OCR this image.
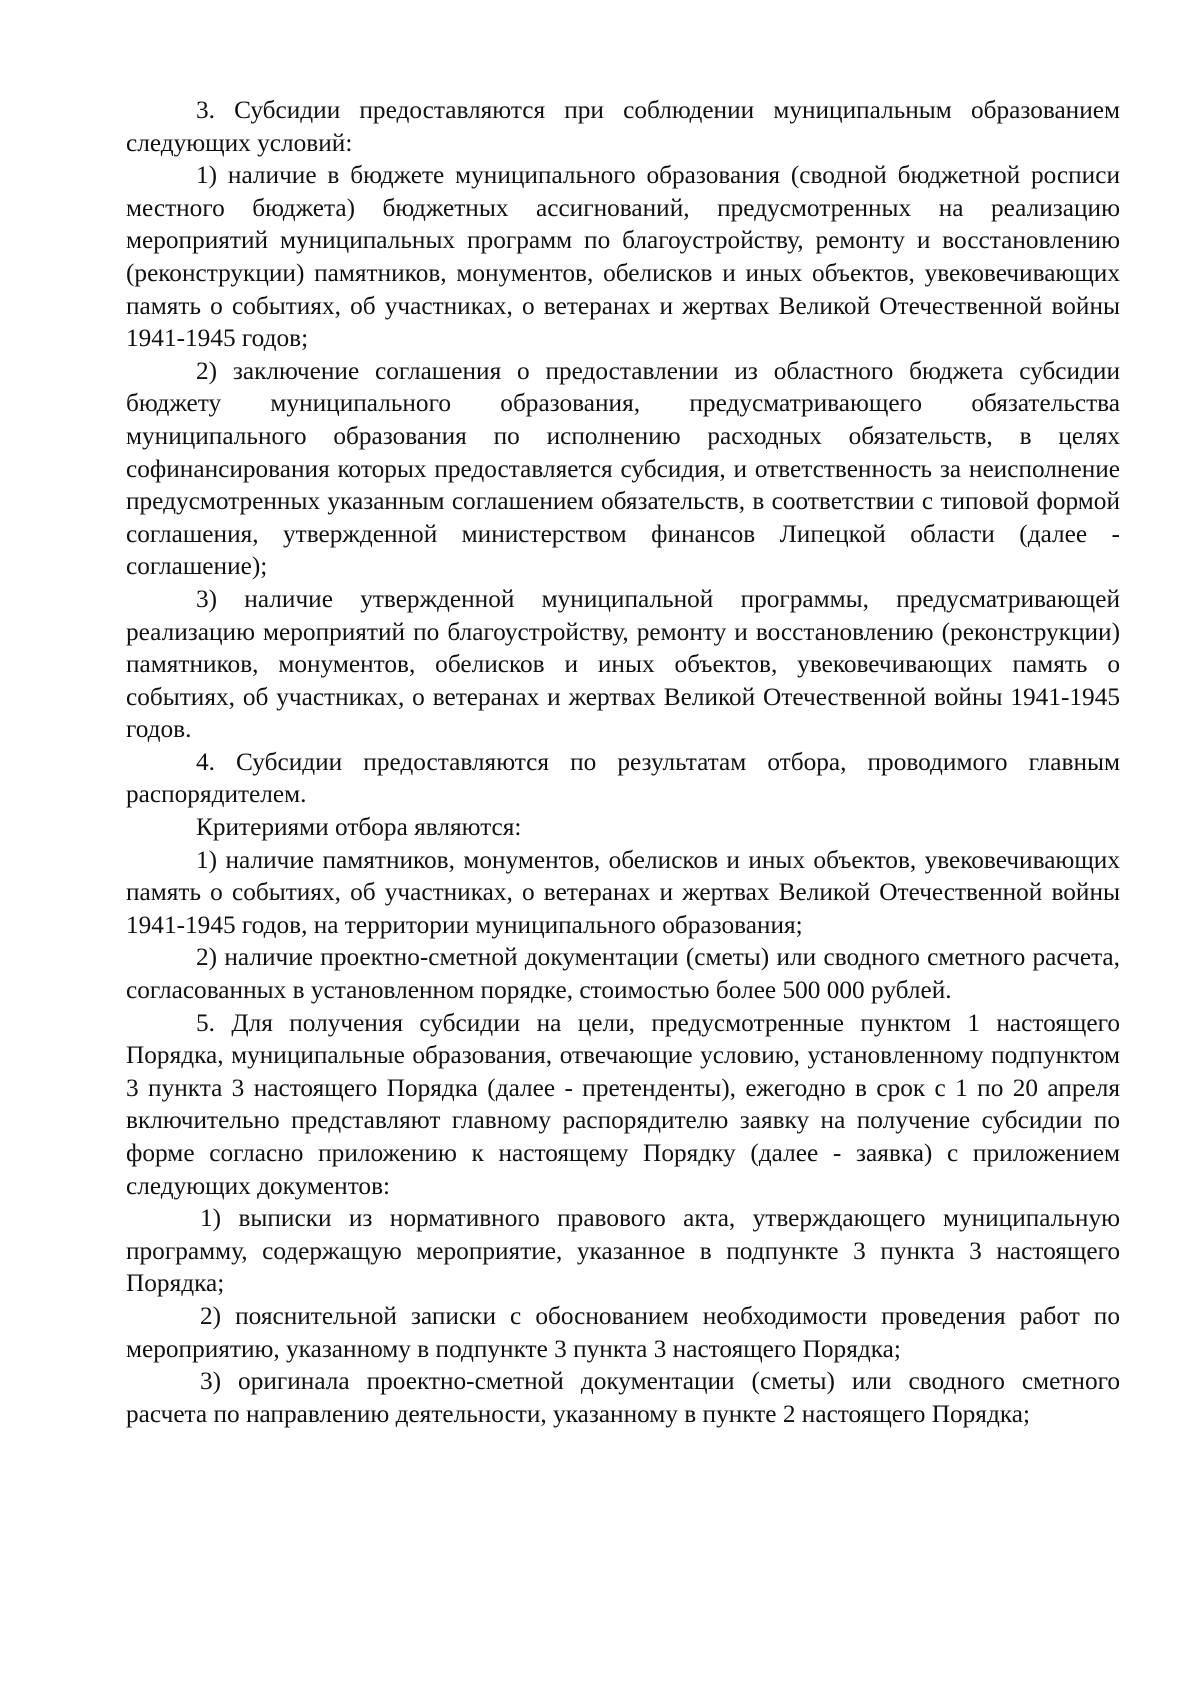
3. Субсидии предоставляются при соблюдении муниципальным образованием следующих условий:

1) наличие в бюджете муниципального образования (сводной бюджетной росписи местного бюджета) бюджетных ассигнований, предусмотренных на реализацию мероприятий муниципальных программ по благоустройству, ремонту и восстановлению (реконструкции) памятников, монументов, обелисков и иных объектов, увековечивающих память о событиях, об участниках, о ветеранах и жертвах Великой Отечественной войны 1941-1945 годов;

2) заключение соглашения о предоставлении из областного бюджета субсидии бюджету муниципального образования, предусматривающего обязательства муниципального образования по исполнению расходных обязательств, в целях софинансирования которых предоставляется субсидия, и ответственность за неисполнение предусмотренных указанным соглашением обязательств, в соответствии с типовой формой соглашения, утвержденной министерством финансов Липецкой области (далее - соглашение);

3) наличие утвержденной муниципальной программы, предусматривающей реализацию мероприятий по благоустройству, ремонту и восстановлению (реконструкции) памятников, монументов, обелисков и иных объектов, увековечивающих память о событиях, об участниках, о ветеранах и жертвах Великой Отечественной войны 1941-1945 годов.

4. Субсидии предоставляются по результатам отбора, проводимого главным распорядителем.

Критериями отбора являются:

1) наличие памятников, монументов, обелисков и иных объектов, увековечивающих память о событиях, об участниках, о ветеранах и жертвах Великой Отечественной войны 1941-1945 годов, на территории муниципального образования;

2) наличие проектно-сметной документации (сметы) или сводного сметного расчета, согласованных в установленном порядке, стоимостью более 500 000 рублей.

5. Для получения субсидии на цели, предусмотренные пунктом 1 настоящего Порядка, муниципальные образования, отвечающие условию, установленному подпунктом 3 пункта 3 настоящего Порядка (далее - претенденты), ежегодно в срок с 1 по 20 апреля включительно представляют главному распорядителю заявку на получение субсидии по форме согласно приложению к настоящему Порядку (далее - заявка) с приложением следующих документов:

1) выписки из нормативного правового акта, утверждающего муниципальную программу, содержащую мероприятие, указанное в подпункте 3 пункта 3 настоящего Порядка;

2) пояснительной записки с обоснованием необходимости проведения работ по мероприятию, указанному в подпункте 3 пункта 3 настоящего Порядка;

3) оригинала проектно-сметной документации (сметы) или сводного сметного расчета по направлению деятельности, указанному в пункте 2 настоящего Порядка;
